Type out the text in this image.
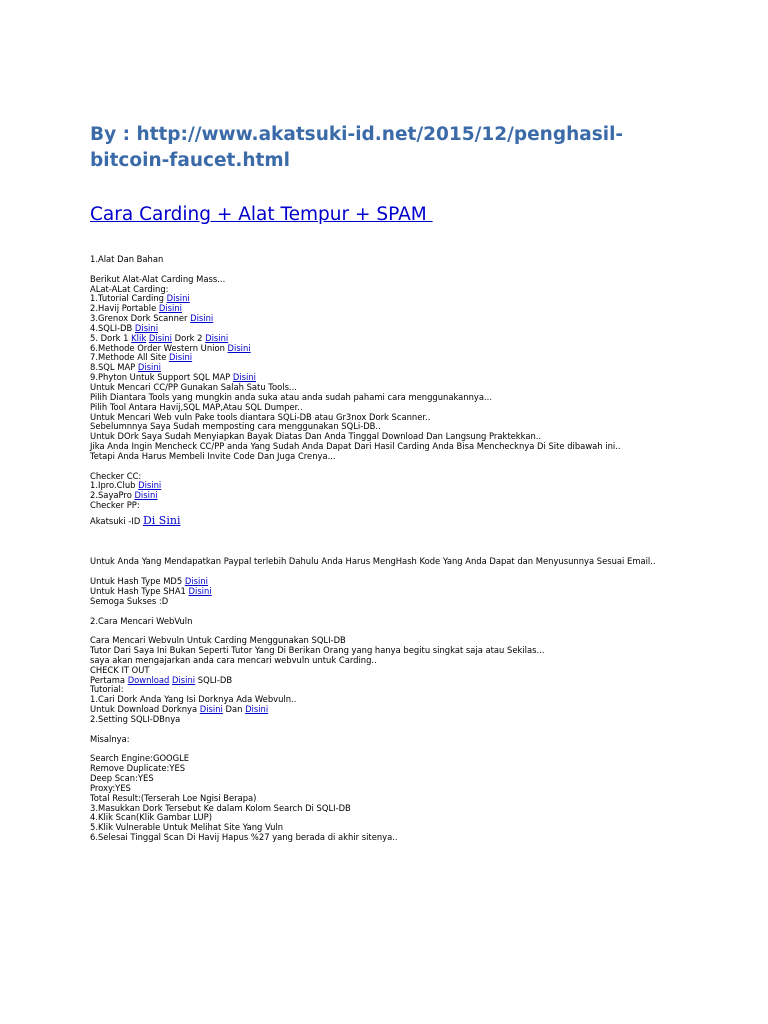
By : http://www.akatsuki-id.net/2015/12/penghasil-bitcoin-faucet.html
Cara Carding + Alat Tempur + SPAM
1.Alat Dan Bahan
Berikut Alat-Alat Carding Mass...
ALat-ALat Carding:
1.Tutorial Carding Disini
2.Havij Portable Disini
3.Grenox Dork Scanner Disini
4.SQLI-DB Disini
5. Dork 1 Klik Disini Dork 2 Disini
6.Methode Order Western Union Disini
7.Methode All Site Disini
8.SQL MAP Disini
9.Phyton Untuk Support SQL MAP Disini
Untuk Mencari CC/PP Gunakan Salah Satu Tools...
Pilih Diantara Tools yang mungkin anda suka atau anda sudah pahami cara menggunakannya...
Pilih Tool Antara Havij,SQL MAP,Atau SQL Dumper..
Untuk Mencari Web vuln Pake tools diantara SQLi-DB atau Gr3nox Dork Scanner..
Sebelumnnya Saya Sudah memposting cara menggunakan SQLi-DB..
Untuk DOrk Saya Sudah Menyiapkan Bayak Diatas Dan Anda Tinggal Download Dan Langsung Praktekkan..
Jika Anda Ingin Mencheck CC/PP anda Yang Sudah Anda Dapat Dari Hasil Carding Anda Bisa Menchecknya Di Site dibawah ini..
Tetapi Anda Harus Membeli Invite Code Dan Juga Crenya...
Checker CC:
1.Ipro.Club Disini
2.SayaPro Disini
Checker PP:
Akatsuki -ID Di Sini
Untuk Anda Yang Mendapatkan Paypal terlebih Dahulu Anda Harus MengHash Kode Yang Anda Dapat dan Menyusunnya Sesuai Email..
Untuk Hash Type MD5 Disini
Untuk Hash Type SHA1 Disini
Semoga Sukses :D
2.Cara Mencari WebVuln
Cara Mencari Webvuln Untuk Carding Menggunakan SQLI-DB
Tutor Dari Saya Ini Bukan Seperti Tutor Yang Di Berikan Orang yang hanya begitu singkat saja atau Sekilas...
saya akan mengajarkan anda cara mencari webvuln untuk Carding..
CHECK IT OUT
Pertama Download Disini SQLI-DB
Tutorial:
1.Cari Dork Anda Yang Isi Dorknya Ada Webvuln..
Untuk Download Dorknya Disini Dan Disini
2.Setting SQLI-DBnya
Misalnya:
Search Engine:GOOGLE
Remove Duplicate:YES
Deep Scan:YES
Proxy:YES
Total Result:(Terserah Loe Ngisi Berapa)
3.Masukkan Dork Tersebut Ke dalam Kolom Search Di SQLI-DB
4.Klik Scan(Klik Gambar LUP)
5.Klik Vulnerable Untuk Melihat Site Yang Vuln
6.Selesai Tinggal Scan Di Havij Hapus %27 yang berada di akhir sitenya..
